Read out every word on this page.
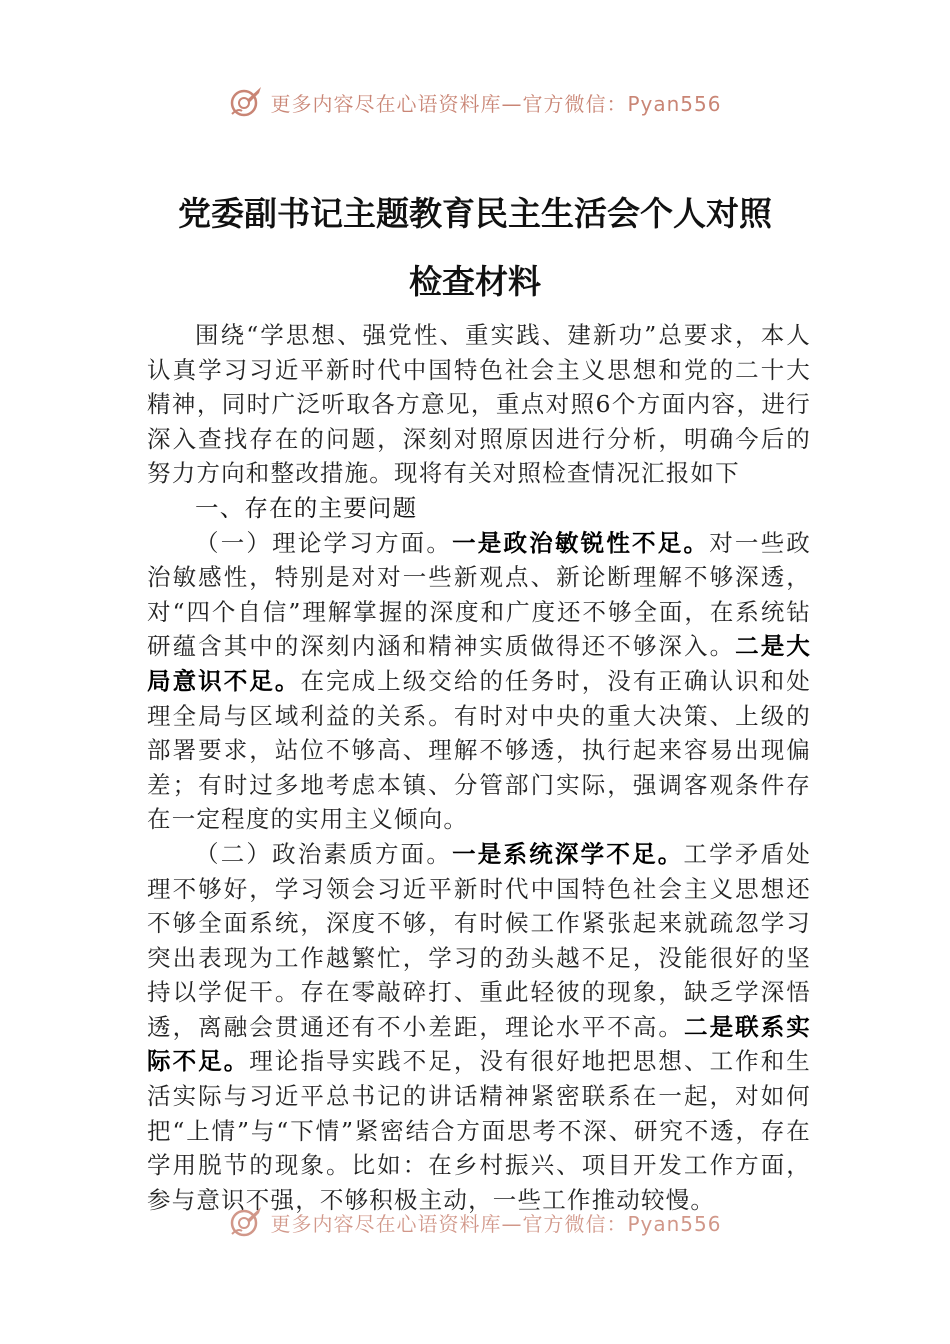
更多内容尽在心语资料库—官方微信：Pyan556
党委副书记主题教育民主生活会个人对照
检查材料

围绕“学思想、强党性、重实践、建新功”总要求，本人认真学习习近平新时代中国特色社会主义思想和党的二十大精神，同时广泛听取各方意见，重点对照6个方面内容，进行深入查找存在的问题，深刻对照原因进行分析，明确今后的努力方向和整改措施。现将有关对照检查情况汇报如下

一、存在的主要问题

（一）理论学习方面。一是政治敏锐性不足。对一些政治敏感性，特别是对对一些新观点、新论断理解不够深透，对“四个自信”理解掌握的深度和广度还不够全面，在系统钻研蕴含其中的深刻内涵和精神实质做得还不够深入。二是大局意识不足。在完成上级交给的任务时，没有正确认识和处理全局与区域利益的关系。有时对中央的重大决策、上级的部署要求，站位不够高、理解不够透，执行起来容易出现偏差；有时过多地考虑本镇、分管部门实际，强调客观条件存在一定程度的实用主义倾向。

（二）政治素质方面。一是系统深学不足。工学矛盾处理不够好，学习领会习近平新时代中国特色社会主义思想还不够全面系统，深度不够，有时候工作紧张起来就疏忽学习突出表现为工作越繁忙，学习的劲头越不足，没能很好的坚持以学促干。存在零敲碎打、重此轻彼的现象，缺乏学深悟透，离融会贯通还有不小差距，理论水平不高。二是联系实际不足。理论指导实践不足，没有很好地把思想、工作和生活实际与习近平总书记的讲话精神紧密联系在一起，对如何把“上情”与“下情”紧密结合方面思考不深、研究不透，存在学用脱节的现象。比如：在乡村振兴、项目开发工作方面，参与意识不强，不够积极主动，一些工作推动较慢。

更多内容尽在心语资料库—官方微信：Pyan556
